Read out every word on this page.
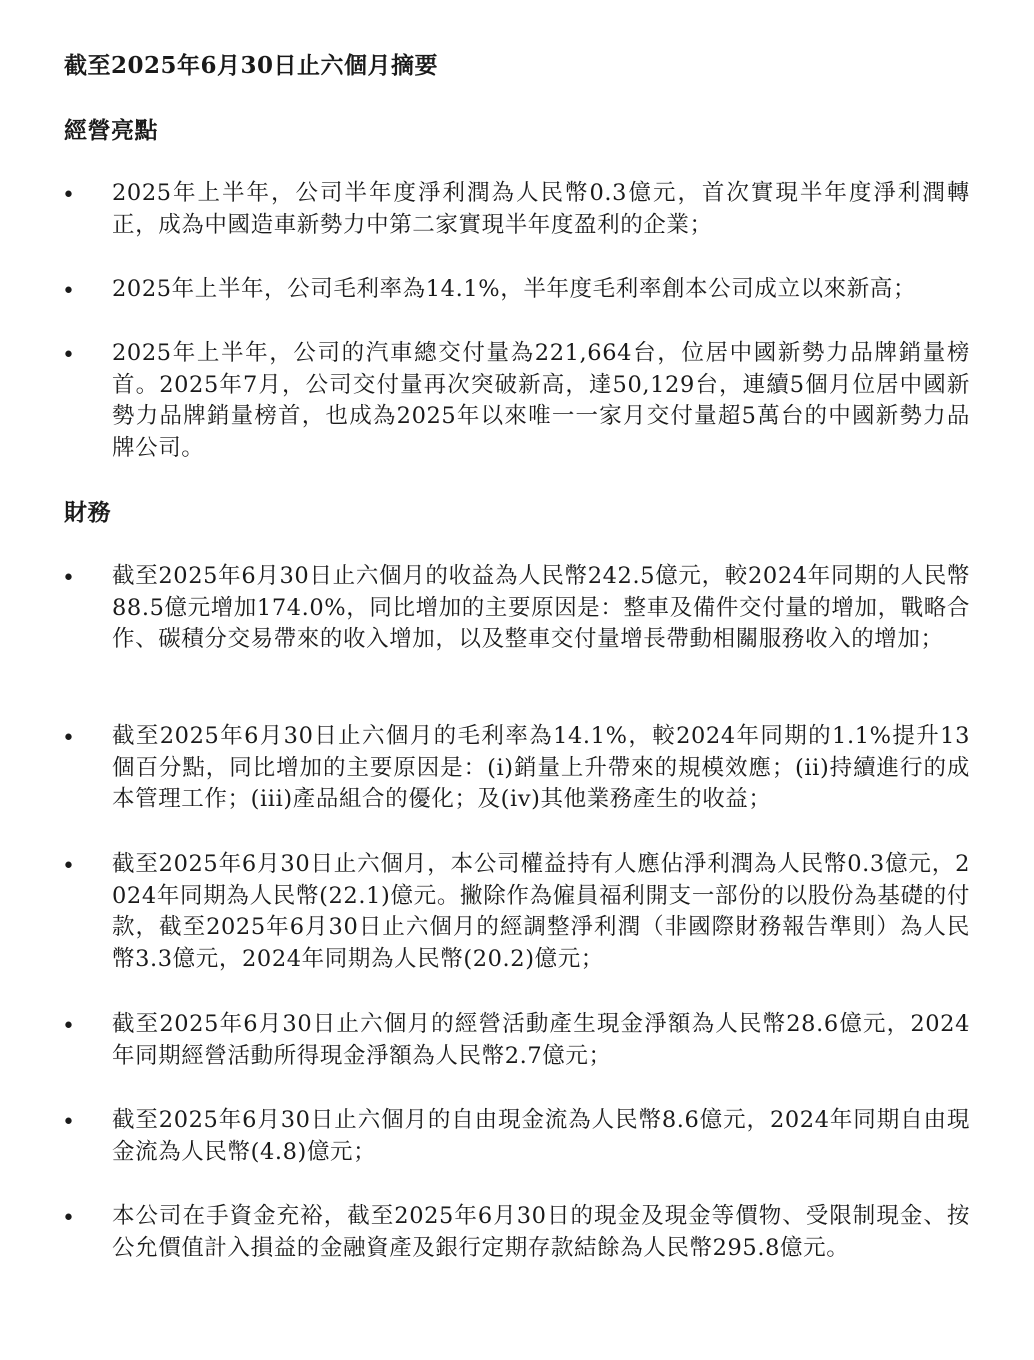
截至2025年6月30日止六個月摘要
經營亮點
• 2025年上半年，公司半年度淨利潤為人民幣0.3億元，首次實現半年度淨利潤轉正，成為中國造車新勢力中第二家實現半年度盈利的企業；
• 2025年上半年，公司毛利率為14.1%，半年度毛利率創本公司成立以來新高；
• 2025年上半年，公司的汽車總交付量為221,664台，位居中國新勢力品牌銷量榜首。2025年7月，公司交付量再次突破新高，達50,129台，連續5個月位居中國新勢力品牌銷量榜首，也成為2025年以來唯一一家月交付量超5萬台的中國新勢力品牌公司。
財務
• 截至2025年6月30日止六個月的收益為人民幣242.5億元，較2024年同期的人民幣88.5億元增加174.0%，同比增加的主要原因是：整車及備件交付量的增加，戰略合作、碳積分交易帶來的收入增加，以及整車交付量增長帶動相關服務收入的增加；
• 截至2025年6月30日止六個月的毛利率為14.1%，較2024年同期的1.1%提升13個百分點，同比增加的主要原因是：(i)銷量上升帶來的規模效應；(ii)持續進行的成本管理工作；(iii)產品組合的優化；及(iv)其他業務產生的收益；
• 截至2025年6月30日止六個月，本公司權益持有人應佔淨利潤為人民幣0.3億元，2024年同期為人民幣(22.1)億元。撇除作為僱員福利開支一部份的以股份為基礎的付款，截至2025年6月30日止六個月的經調整淨利潤（非國際財務報告準則）為人民幣3.3億元，2024年同期為人民幣(20.2)億元；
• 截至2025年6月30日止六個月的經營活動產生現金淨額為人民幣28.6億元，2024年同期經營活動所得現金淨額為人民幣2.7億元；
• 截至2025年6月30日止六個月的自由現金流為人民幣8.6億元，2024年同期自由現金流為人民幣(4.8)億元；
• 本公司在手資金充裕，截至2025年6月30日的現金及現金等價物、受限制現金、按公允價值計入損益的金融資產及銀行定期存款結餘為人民幣295.8億元。
